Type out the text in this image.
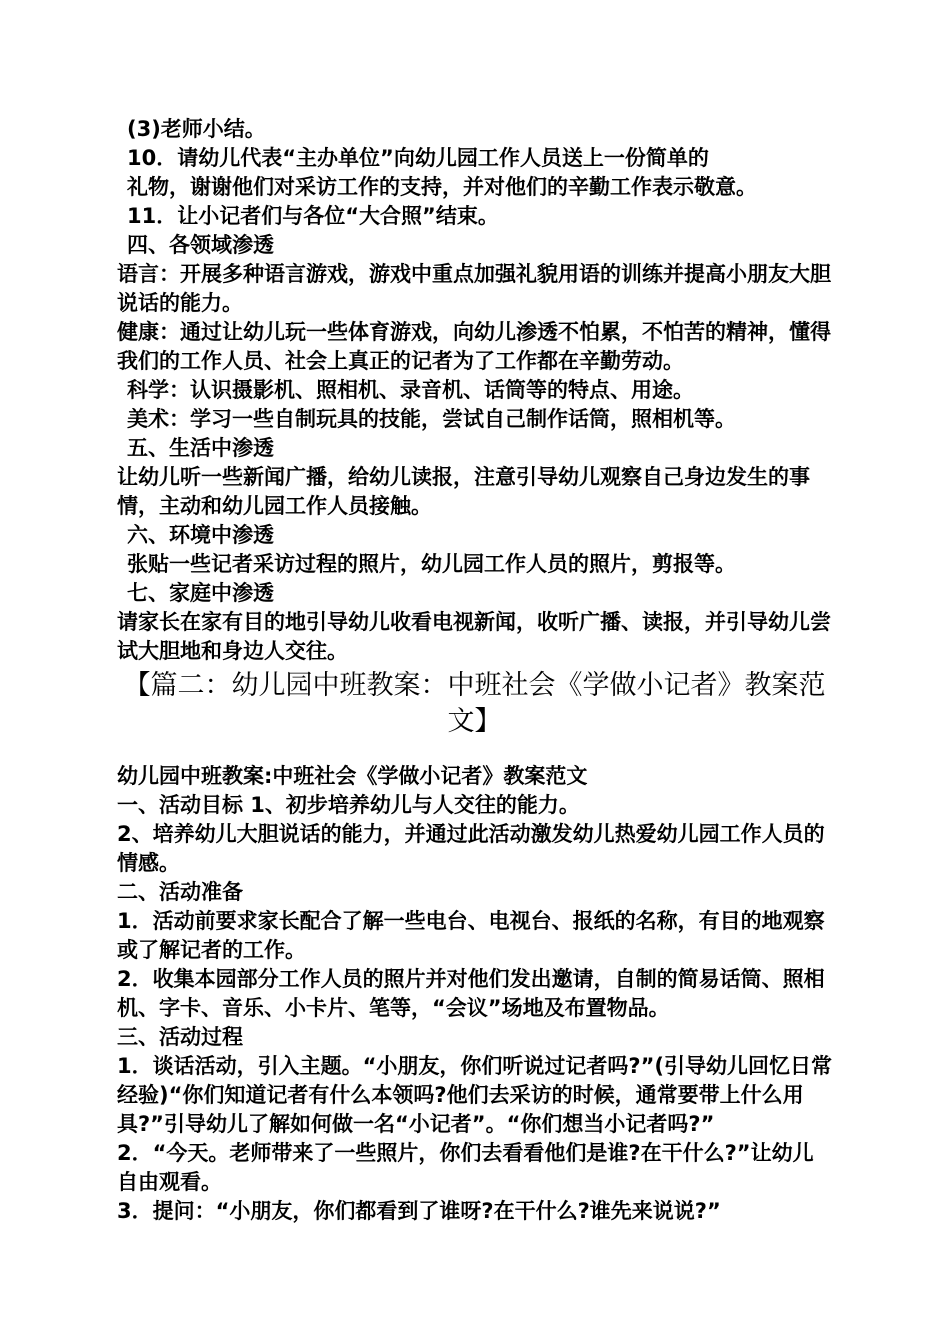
(3)老师小结。

10．请幼儿代表“主办单位”向幼儿园工作人员送上一份简单的

礼物，谢谢他们对采访工作的支持，并对他们的辛勤工作表示敬意。

11．让小记者们与各位“大合照”结束。

四、各领域渗透

语言：开展多种语言游戏，游戏中重点加强礼貌用语的训练并提高小朋友大胆说话的能力。

健康：通过让幼儿玩一些体育游戏，向幼儿渗透不怕累，不怕苦的精神，懂得我们的工作人员、社会上真正的记者为了工作都在辛勤劳动。

科学：认识摄影机、照相机、录音机、话筒等的特点、用途。

美术：学习一些自制玩具的技能，尝试自己制作话筒，照相机等。

五、生活中渗透

让幼儿听一些新闻广播，给幼儿读报，注意引导幼儿观察自己身边发生的事情，主动和幼儿园工作人员接触。

六、环境中渗透

张贴一些记者采访过程的照片，幼儿园工作人员的照片，剪报等。

七、家庭中渗透

请家长在家有目的地引导幼儿收看电视新闻，收听广播、读报，并引导幼儿尝试大胆地和身边人交往。

【篇二：幼儿园中班教案：中班社会《学做小记者》教案范文】

幼儿园中班教案:中班社会《学做小记者》教案范文

一、活动目标 1、初步培养幼儿与人交往的能力。

2、培养幼儿大胆说话的能力，并通过此活动激发幼儿热爱幼儿园工作人员的情感。

二、活动准备

1．活动前要求家长配合了解一些电台、电视台、报纸的名称，有目的地观察或了解记者的工作。

2．收集本园部分工作人员的照片并对他们发出邀请，自制的简易话筒、照相机、字卡、音乐、小卡片、笔等，“会议”场地及布置物品。

三、活动过程

1．谈话活动，引入主题。“小朋友，你们听说过记者吗?”(引导幼儿回忆日常经验)“你们知道记者有什么本领吗?他们去采访的时候，通常要带上什么用具?”引导幼儿了解如何做一名“小记者”。“你们想当小记者吗?”

2．“今天。老师带来了一些照片，你们去看看他们是谁?在干什么?”让幼儿自由观看。

3．提问：“小朋友，你们都看到了谁呀?在干什么?谁先来说说?”
